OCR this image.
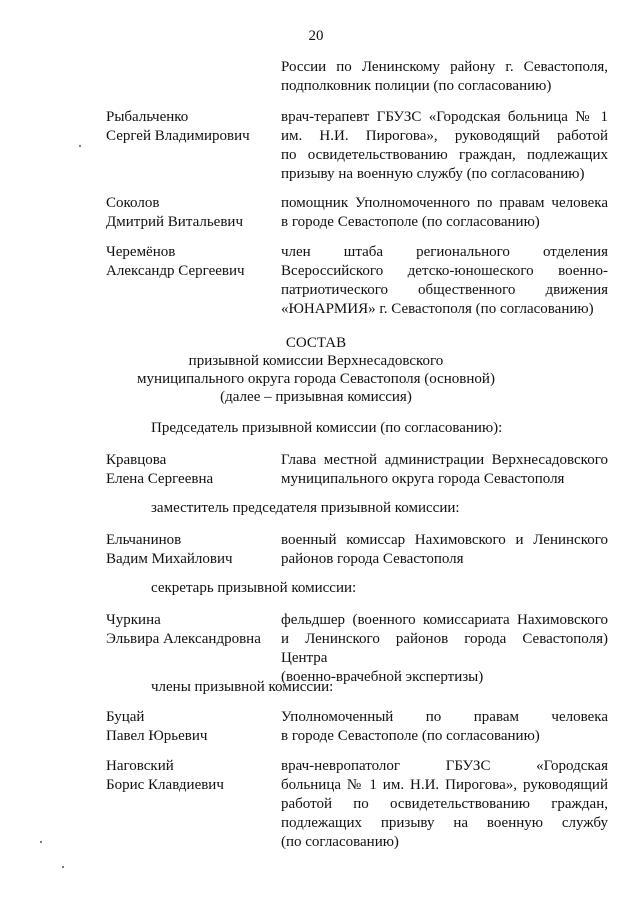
20
России по Ленинскому району г. Севастополя,
подполковник полиции (по согласованию)
Рыбальченко
Сергей Владимирович
врач-терапевт ГБУЗС «Городская больница № 1
им. Н.И. Пирогова», руководящий работой
по освидетельствованию граждан, подлежащих
призыву на военную службу (по согласованию)
Соколов
Дмитрий Витальевич
помощник Уполномоченного по правам человека
в городе Севастополе (по согласованию)
Черемёнов
Александр Сергеевич
член штаба регионального отделения
Всероссийского детско-юношеского военно-
патриотического общественного движения
«ЮНАРМИЯ» г. Севастополя (по согласованию)
СОСТАВ
призывной комиссии Верхнесадовского
муниципального округа города Севастополя (основной)
(далее – призывная комиссия)
Председатель призывной комиссии (по согласованию):
Кравцова
Елена Сергеевна
Глава местной администрации Верхнесадовского
муниципального округа города Севастополя
заместитель председателя призывной комиссии:
Ельчанинов
Вадим Михайлович
военный комиссар Нахимовского и Ленинского
районов города Севастополя
секретарь призывной комиссии:
Чуркина
Эльвира Александровна
фельдшер (военного комиссариата Нахимовского
и Ленинского районов города Севастополя) Центра
(военно-врачебной экспертизы)
члены призывной комиссии:
Буцай
Павел Юрьевич
Уполномоченный по правам человека
в городе Севастополе (по согласованию)
Наговский
Борис Клавдиевич
врач-невропатолог ГБУЗС «Городская
больница № 1 им. Н.И. Пирогова», руководящий
работой по освидетельствованию граждан,
подлежащих призыву на военную службу
(по согласованию)
